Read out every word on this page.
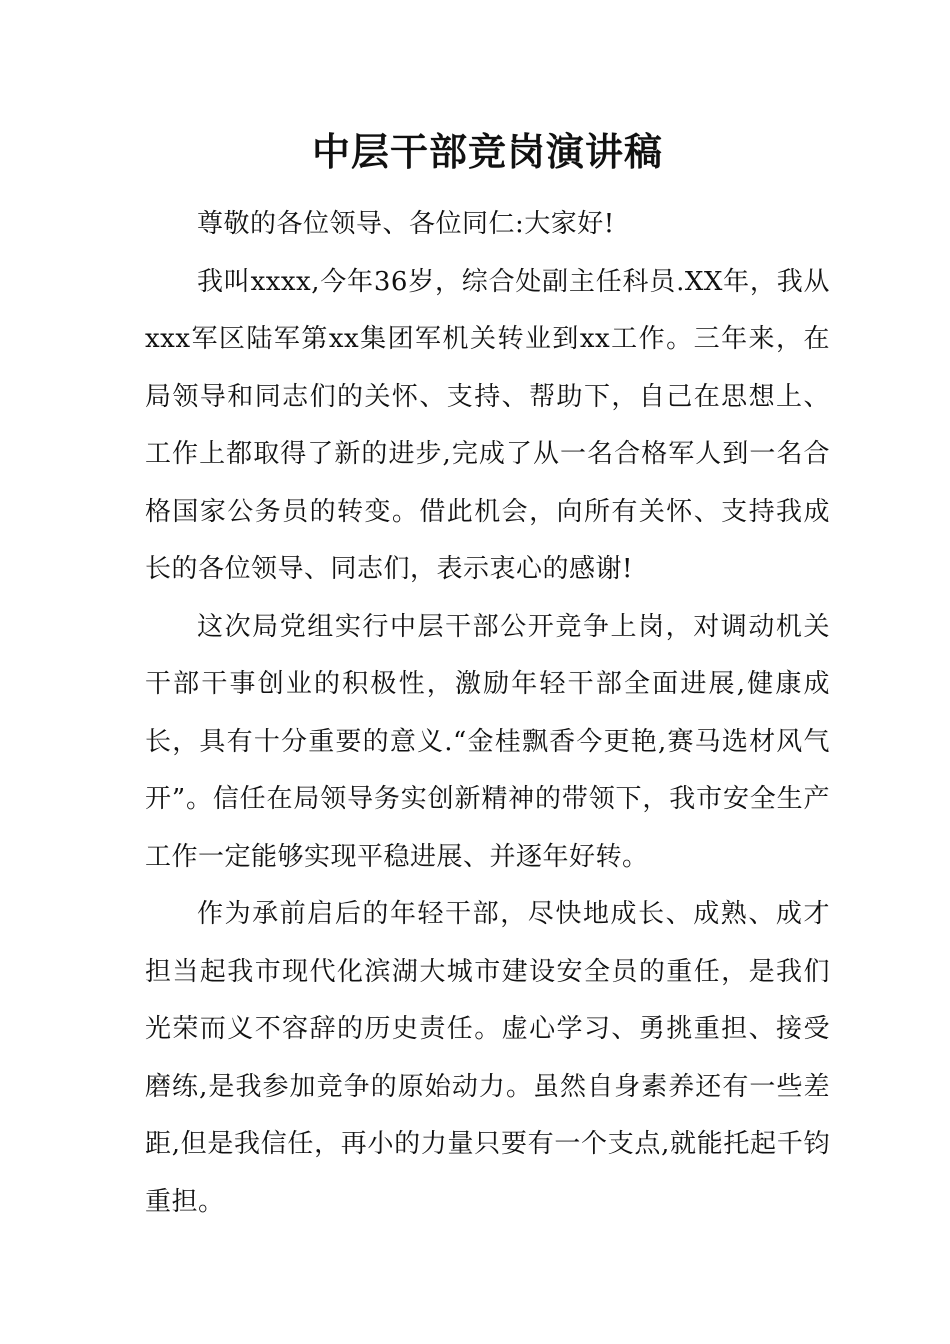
中层干部竞岗演讲稿

尊敬的各位领导、各位同仁:大家好!

我叫xxxx,今年36岁，综合处副主任科员.XX年，我从xxx军区陆军第xx集团军机关转业到xx工作。三年来，在局领导和同志们的关怀、支持、帮助下，自己在思想上、工作上都取得了新的进步,完成了从一名合格军人到一名合格国家公务员的转变。借此机会，向所有关怀、支持我成长的各位领导、同志们，表示衷心的感谢!

这次局党组实行中层干部公开竞争上岗，对调动机关干部干事创业的积极性，激励年轻干部全面进展,健康成长，具有十分重要的意义.“金桂飘香今更艳,赛马选材风气开”。信任在局领导务实创新精神的带领下，我市安全生产工作一定能够实现平稳进展、并逐年好转。

作为承前启后的年轻干部，尽快地成长、成熟、成才担当起我市现代化滨湖大城市建设安全员的重任，是我们光荣而义不容辞的历史责任。虚心学习、勇挑重担、接受磨练,是我参加竞争的原始动力。虽然自身素养还有一些差距,但是我信任，再小的力量只要有一个支点,就能托起千钧重担。
